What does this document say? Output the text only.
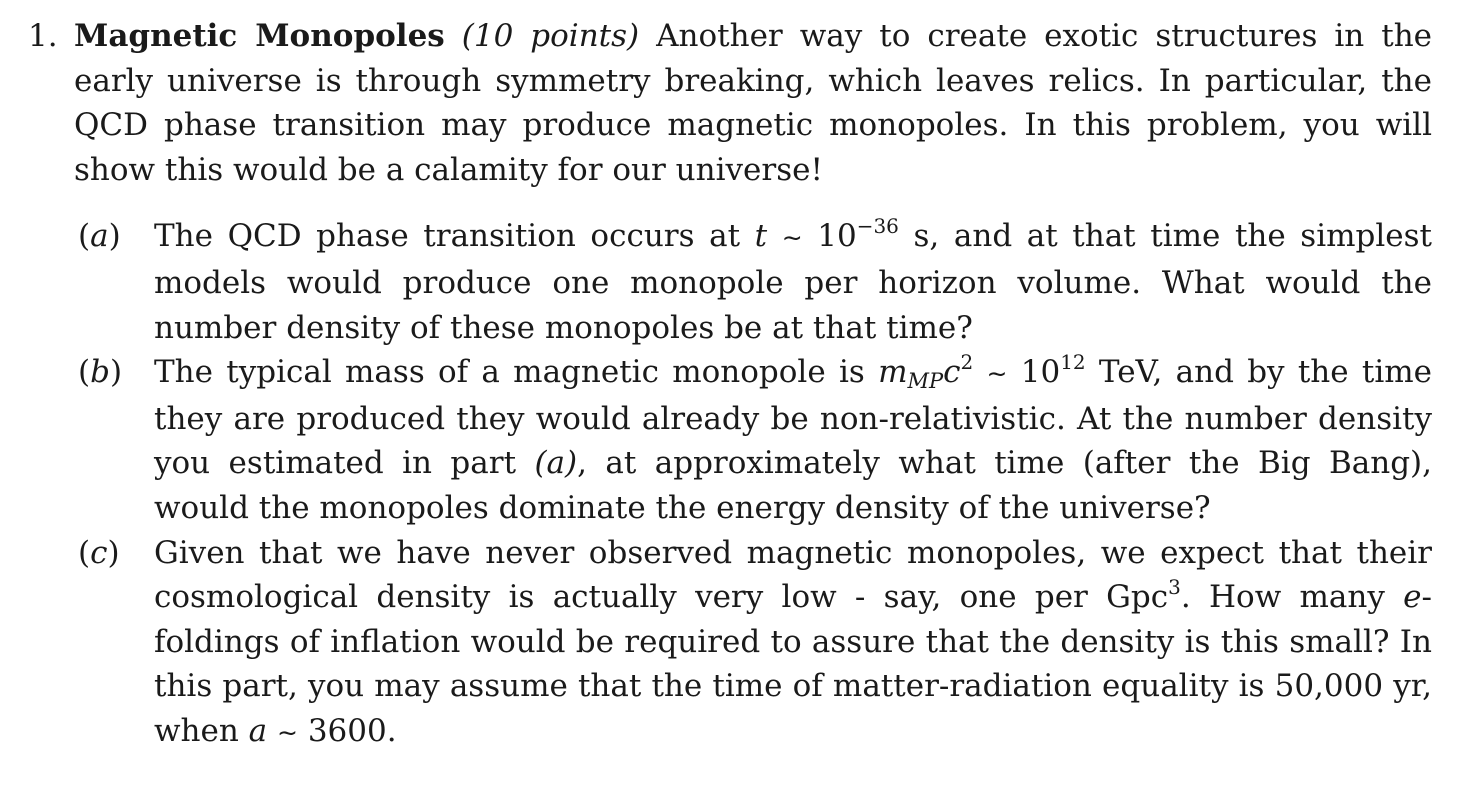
1. Magnetic Monopoles (10 points) Another way to create exotic structures in the early universe is through symmetry breaking, which leaves relics. In particular, the QCD phase transition may produce magnetic monopoles. In this problem, you will show this would be a calamity for our universe!

(a) The QCD phase transition occurs at t ∼ $10^{-36}$ s, and at that time the simplest models would produce one monopole per horizon volume. What would the number density of these monopoles be at that time?

(b) The typical mass of a magnetic monopole is $m_{MP}c^2$ ∼ $10^{12}$ TeV, and by the time they are produced they would already be non-relativistic. At the number density you estimated in part (a), at approximately what time (after the Big Bang), would the monopoles dominate the energy density of the universe?

(c) Given that we have never observed magnetic monopoles, we expect that their cosmological density is actually very low - say, one per Gpc$^3$. How many e-foldings of inflation would be required to assure that the density is this small? In this part, you may assume that the time of matter-radiation equality is 50,000 yr, when a ∼ 3600.
